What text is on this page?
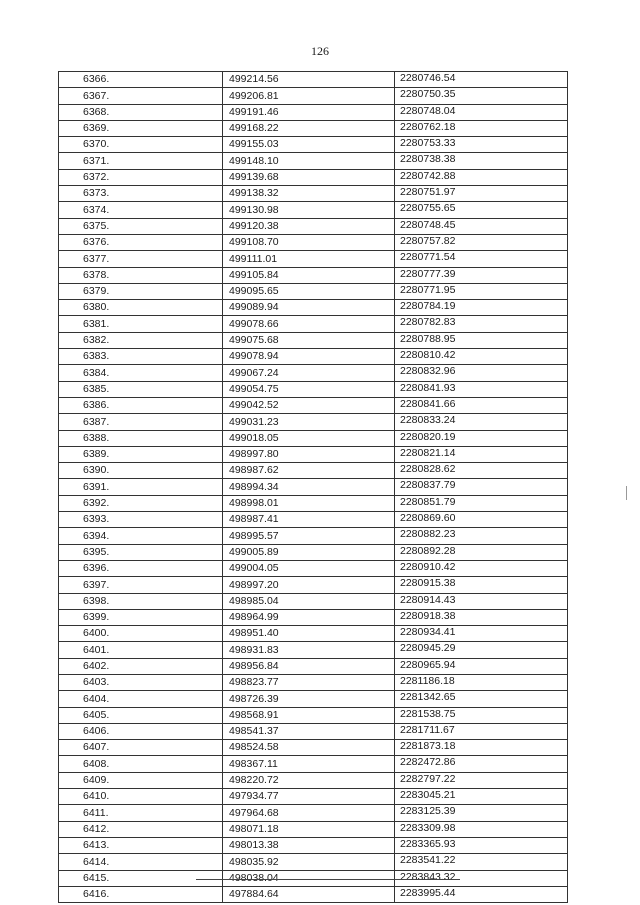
126
6366.	499214.56	2280746.54
6367.	499206.81	2280750.35
6368.	499191.46	2280748.04
6369.	499168.22	2280762.18
6370.	499155.03	2280753.33
6371.	499148.10	2280738.38
6372.	499139.68	2280742.88
6373.	499138.32	2280751.97
6374.	499130.98	2280755.65
6375.	499120.38	2280748.45
6376.	499108.70	2280757.82
6377.	499111.01	2280771.54
6378.	499105.84	2280777.39
6379.	499095.65	2280771.95
6380.	499089.94	2280784.19
6381.	499078.66	2280782.83
6382.	499075.68	2280788.95
6383.	499078.94	2280810.42
6384.	499067.24	2280832.96
6385.	499054.75	2280841.93
6386.	499042.52	2280841.66
6387.	499031.23	2280833.24
6388.	499018.05	2280820.19
6389.	498997.80	2280821.14
6390.	498987.62	2280828.62
6391.	498994.34	2280837.79
6392.	498998.01	2280851.79
6393.	498987.41	2280869.60
6394.	498995.57	2280882.23
6395.	499005.89	2280892.28
6396.	499004.05	2280910.42
6397.	498997.20	2280915.38
6398.	498985.04	2280914.43
6399.	498964.99	2280918.38
6400.	498951.40	2280934.41
6401.	498931.83	2280945.29
6402.	498956.84	2280965.94
6403.	498823.77	2281186.18
6404.	498726.39	2281342.65
6405.	498568.91	2281538.75
6406.	498541.37	2281711.67
6407.	498524.58	2281873.18
6408.	498367.11	2282472.86
6409.	498220.72	2282797.22
6410.	497934.77	2283045.21
6411.	497964.68	2283125.39
6412.	498071.18	2283309.98
6413.	498013.38	2283365.93
6414.	498035.92	2283541.22
6415.	498038.04	2283843.32
6416.	497884.64	2283995.44
